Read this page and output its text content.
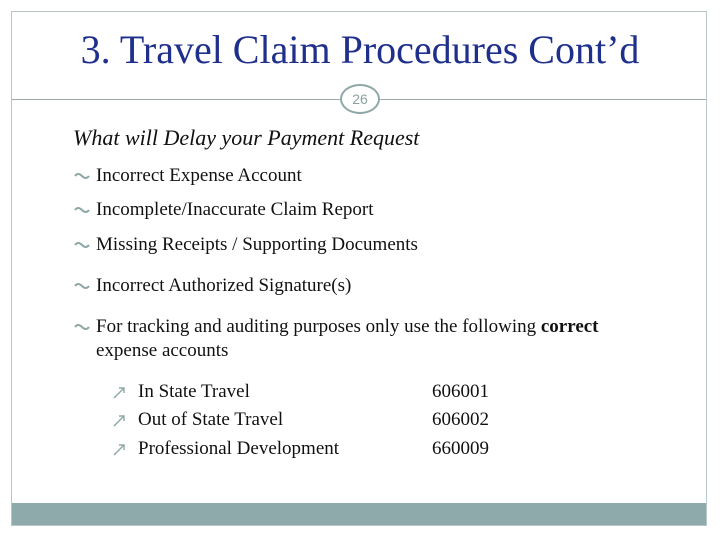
3. Travel Claim Procedures Cont’d
26
What will Delay your Payment Request
Incorrect Expense Account
Incomplete/Inaccurate Claim Report
Missing Receipts / Supporting Documents
Incorrect Authorized Signature(s)
For tracking and auditing purposes only use the following correct expense accounts
In State Travel	606001
Out of State Travel	606002
Professional Development	660009
